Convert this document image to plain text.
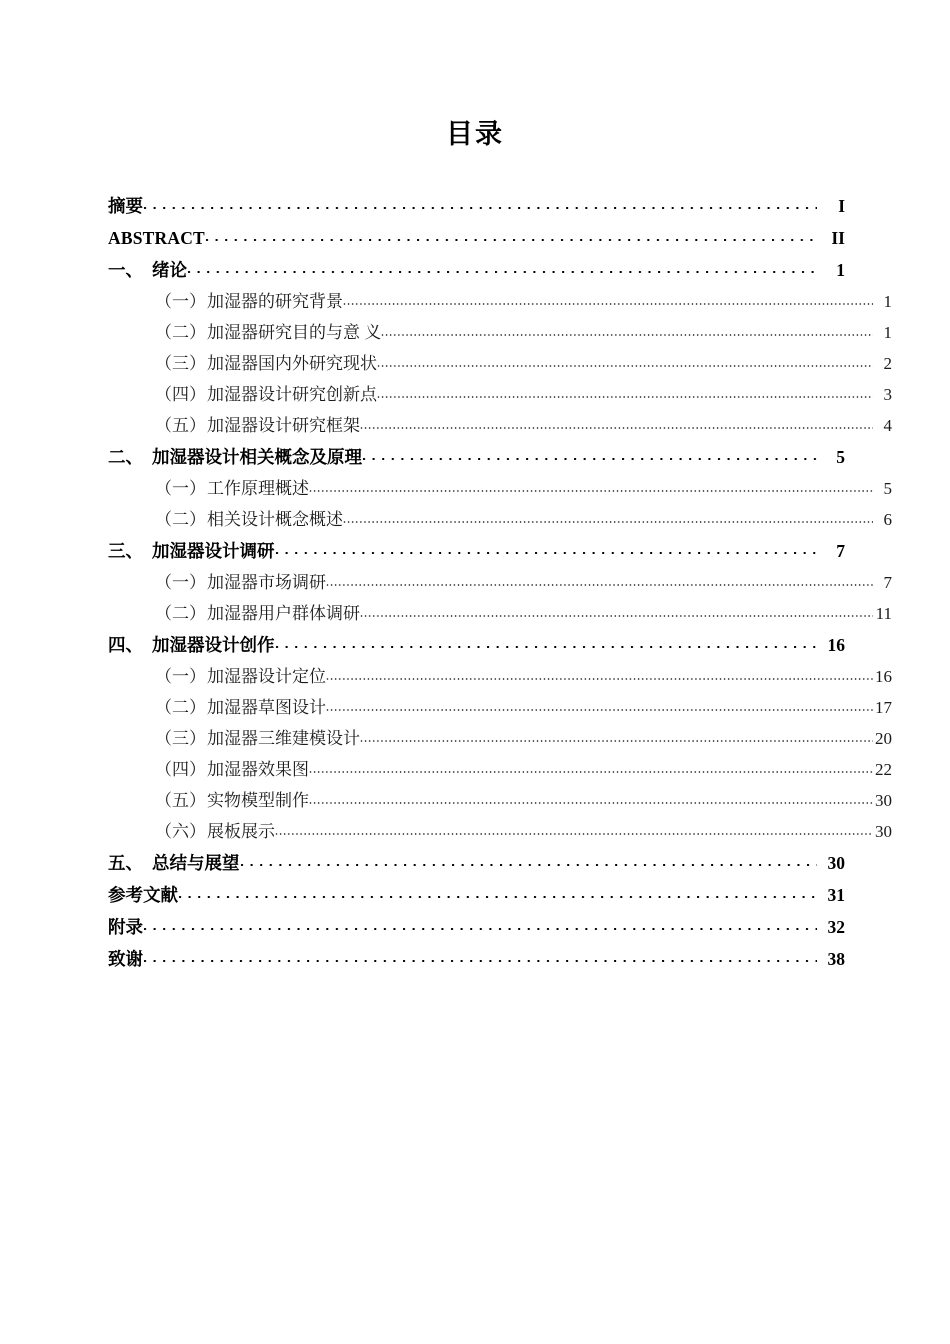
目录
摘要	I
ABSTRACT	II
一、 绪论	1
（一） 加湿器的研究背景	1
（二） 加湿器研究目的与意 义	1
（三） 加湿器国内外研究现状	2
（四） 加湿器设计研究创新点	3
（五） 加湿器设计研究框架	4
二、 加湿器设计相关概念及原理	5
（一） 工作原理概述	5
（二） 相关设计概念概述	6
三、 加湿器设计调研	7
（一） 加湿器市场调研	7
（二） 加湿器用户群体调研	11
四、 加湿器设计创作	16
（一） 加湿器设计定位	16
（二） 加湿器草图设计	17
（三） 加湿器三维建模设计	20
（四） 加湿器效果图	22
（五） 实物模型制作	30
（六） 展板展示	30
五、 总结与展望	30
参考文献	31
附录	32
致谢	38
